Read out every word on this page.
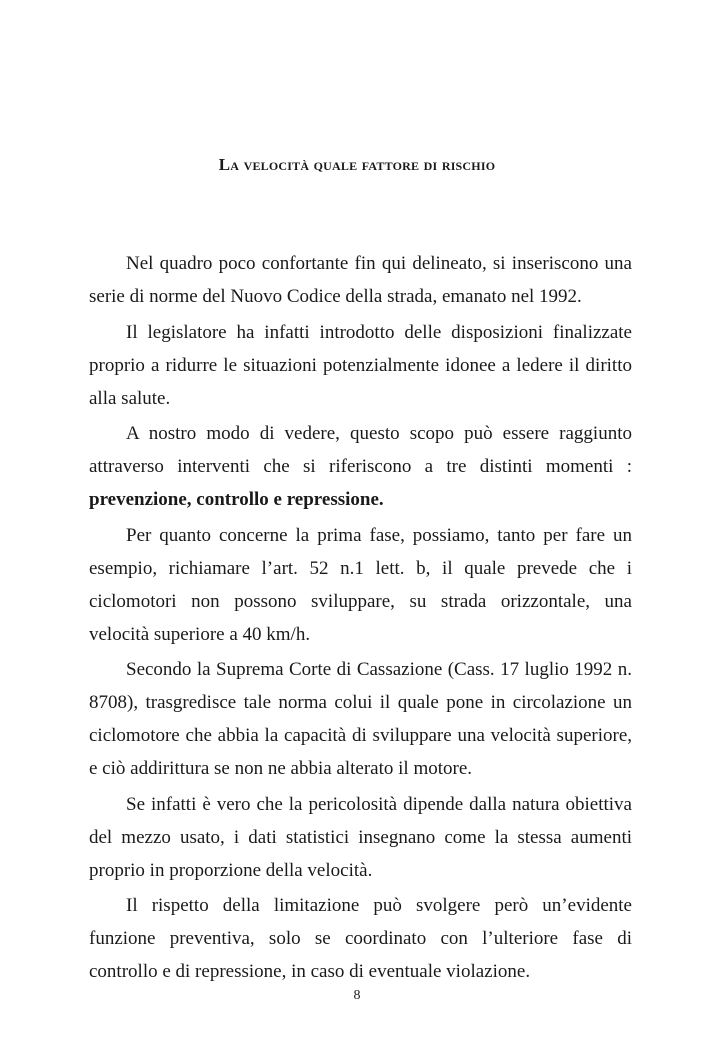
La velocità quale fattore di rischio
Nel quadro poco confortante fin qui delineato, si inseriscono una
serie di norme del Nuovo Codice della strada, emanato nel 1992.
Il legislatore ha infatti introdotto delle disposizioni finalizzate
proprio a ridurre le situazioni potenzialmente idonee a ledere il diritto
alla salute.
A nostro modo di vedere, questo scopo può essere raggiunto
attraverso interventi che si riferiscono a tre distinti momenti :
prevenzione, controllo e repressione.
Per quanto concerne la prima fase, possiamo, tanto per fare un
esempio, richiamare l’art. 52 n.1 lett. b, il quale prevede che i
ciclomotori non possono sviluppare, su strada orizzontale, una
velocità superiore a 40 km/h.
Secondo la Suprema Corte di Cassazione (Cass. 17 luglio 1992 n.
8708), trasgredisce tale norma colui il quale pone in circolazione un
ciclomotore che abbia la capacità di sviluppare una velocità superiore,
e ciò addirittura se non ne abbia alterato il motore.
Se infatti è vero che la pericolosità dipende dalla natura obiettiva
del mezzo usato, i dati statistici insegnano come la stessa aumenti
proprio in proporzione della velocità.
Il rispetto della limitazione può svolgere però un’evidente
funzione preventiva, solo se coordinato con l’ulteriore fase di
controllo e di repressione, in caso di eventuale violazione.
8
